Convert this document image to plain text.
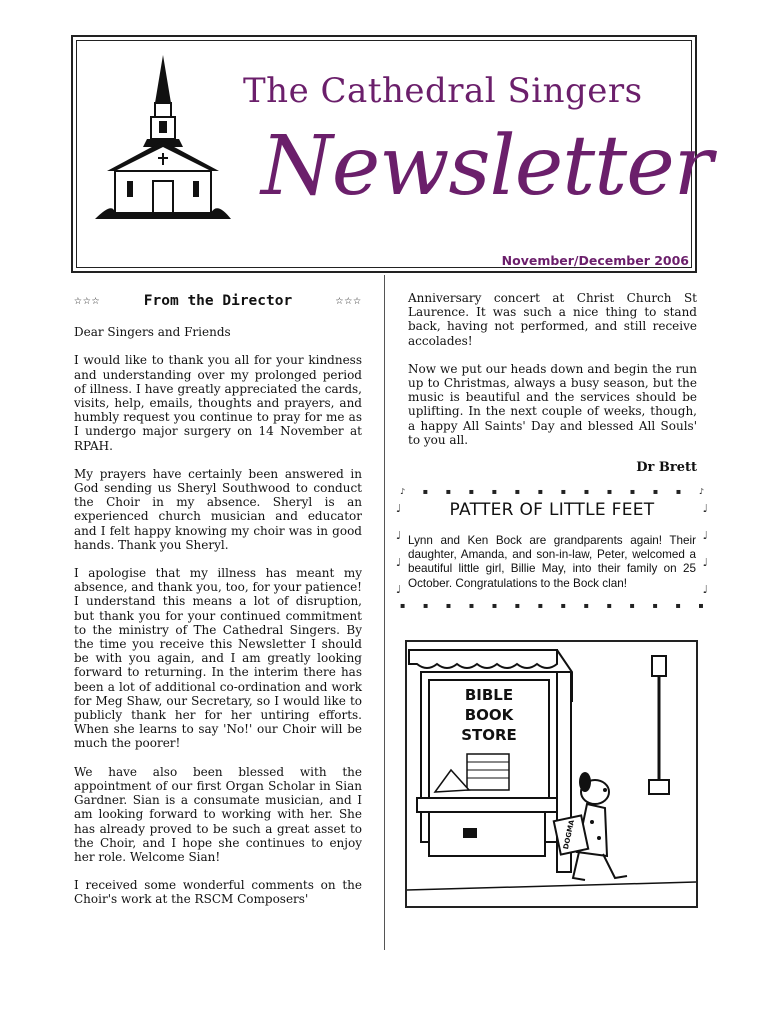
The Cathedral Singers
Newsletter
November/December 2006
☆☆☆	From the Director	☆☆☆

Dear Singers and Friends

I would like to thank you all for your kindness and understanding over my prolonged period of illness. I have greatly appreciated the cards, visits, help, emails, thoughts and prayers, and humbly request you continue to pray for me as I undergo major surgery on 14 November at RPAH.

My prayers have certainly been answered in God sending us Sheryl Southwood to conduct the Choir in my absence. Sheryl is an experienced church musician and educator and I felt happy knowing my choir was in good hands. Thank you Sheryl.

I apologise that my illness has meant my absence, and thank you, too, for your patience! I understand this means a lot of disruption, but thank you for your continued commitment to the ministry of The Cathedral Singers. By the time you receive this Newsletter I should be with you again, and I am greatly looking forward to returning. In the interim there has been a lot of additional co-ordination and work for Meg Shaw, our Secretary, so I would like to publicly thank her for her untiring efforts. When she learns to say 'No!' our Choir will be much the poorer!

We have also been blessed with the appointment of our first Organ Scholar in Sian Gardner. Sian is a consumate musician, and I am looking forward to working with her. She has already proved to be such a great asset to the Choir, and I hope she continues to enjoy her role. Welcome Sian!

I received some wonderful comments on the Choir's work at the RSCM Composers'

Anniversary concert at Christ Church St Laurence. It was such a nice thing to stand back, having not performed, and still receive accolades!

Now we put our heads down and begin the run up to Christmas, always a busy season, but the music is beautiful and the services should be uplifting. In the next couple of weeks, though, a happy All Saints' Day and blessed All Souls' to you all.

Dr Brett
♪ ▪ ▪ ▪ ▪ ▪ ▪ ▪ ▪ ▪ ▪ ▪ ▪ ♪
♩
♩
♩
♩
♩
♩
♩
♩
PATTER OF LITTLE FEET
Lynn and Ken Bock are grandparents again! Their daughter, Amanda, and son-in-law, Peter, welcomed a beautiful little girl, Billie May, into their family on 25 October. Congratulations to the Bock clan!
▪ ▪ ▪ ▪ ▪ ▪ ▪ ▪ ▪ ▪ ▪ ▪ ▪ ▪
BIBLE
BOOK
STORE
DOGMA
